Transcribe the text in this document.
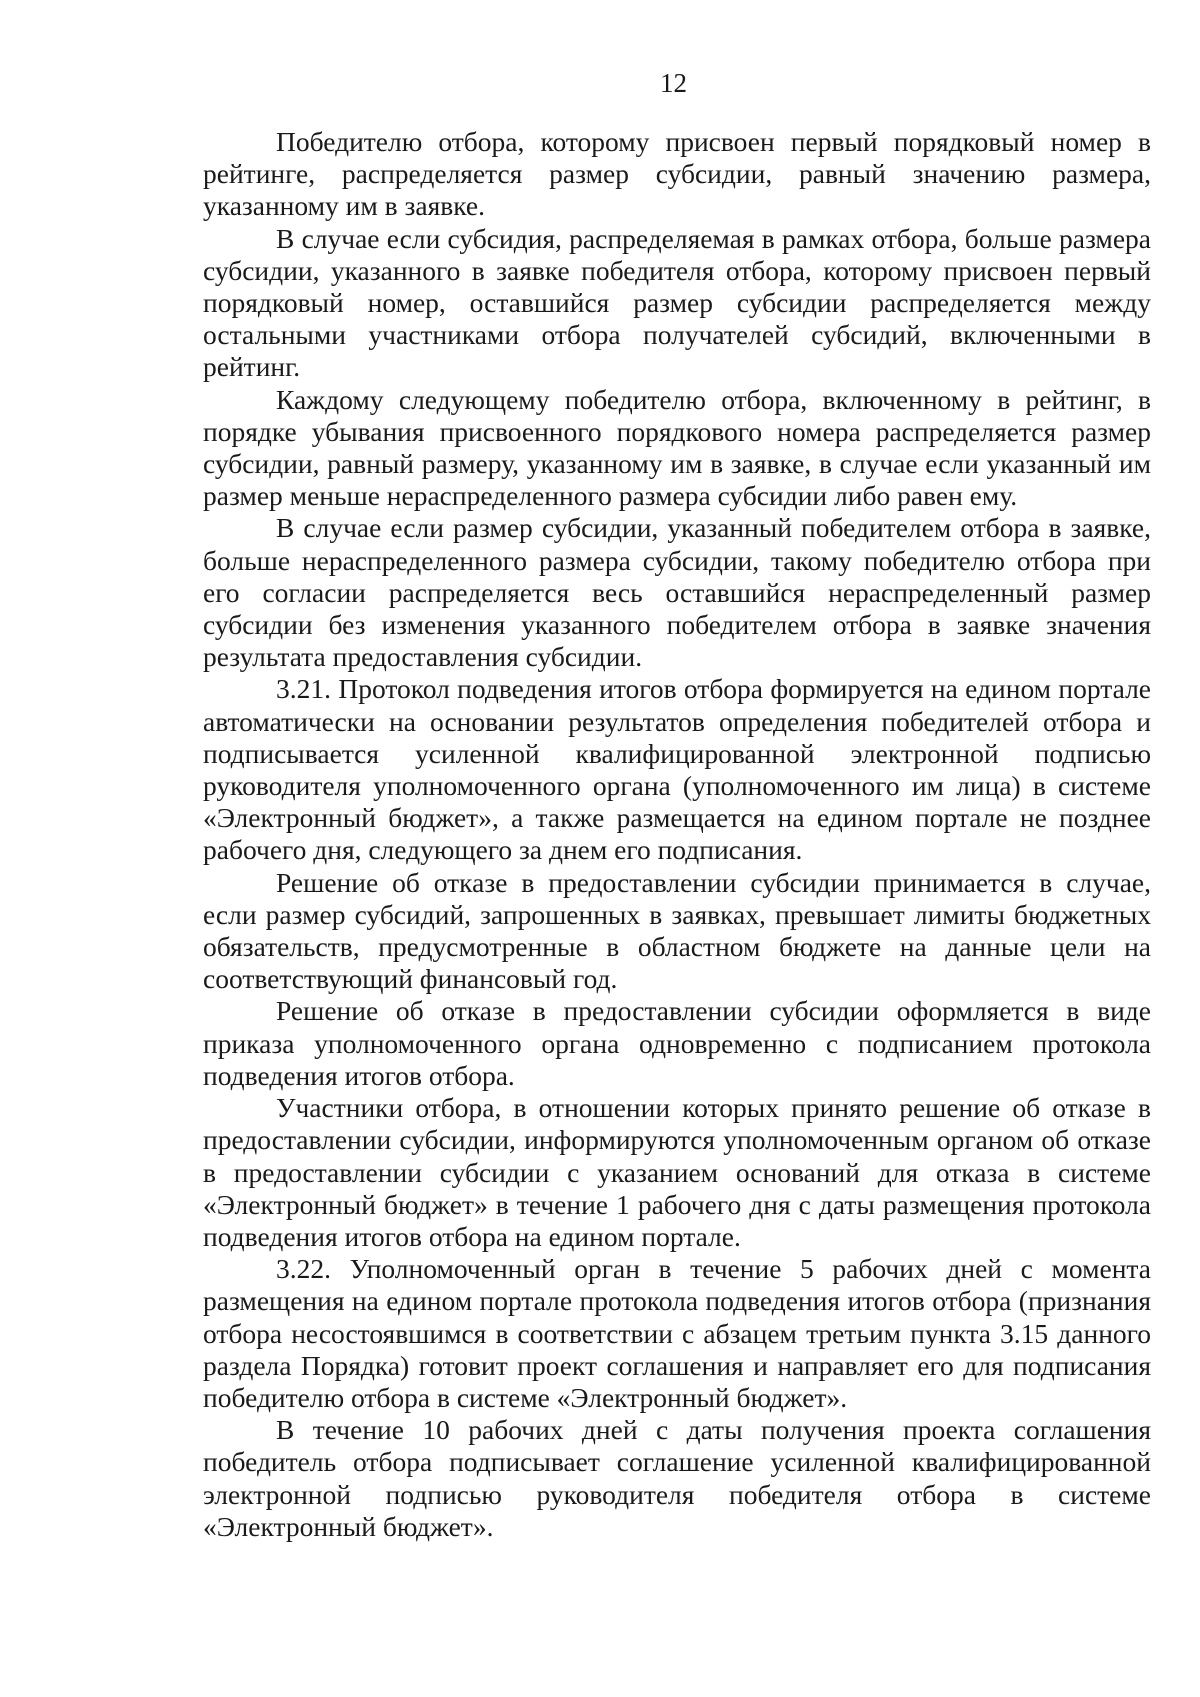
12

Победителю отбора, которому присвоен первый порядковый номер в рейтинге, распределяется размер субсидии, равный значению размера, указанному им в заявке.

В случае если субсидия, распределяемая в рамках отбора, больше размера субсидии, указанного в заявке победителя отбора, которому присвоен первый порядковый номер, оставшийся размер субсидии распределяется между остальными участниками отбора получателей субсидий, включенными в рейтинг.

Каждому следующему победителю отбора, включенному в рейтинг, в порядке убывания присвоенного порядкового номера распределяется размер субсидии, равный размеру, указанному им в заявке, в случае если указанный им размер меньше нераспределенного размера субсидии либо равен ему.

В случае если размер субсидии, указанный победителем отбора в заявке, больше нераспределенного размера субсидии, такому победителю отбора при его согласии распределяется весь оставшийся нераспределенный размер субсидии без изменения указанного победителем отбора в заявке значения результата предоставления субсидии.

3.21. Протокол подведения итогов отбора формируется на едином портале автоматически на основании результатов определения победителей отбора и подписывается усиленной квалифицированной электронной подписью руководителя уполномоченного органа (уполномоченного им лица) в системе «Электронный бюджет», а также размещается на едином портале не позднее рабочего дня, следующего за днем его подписания.

Решение об отказе в предоставлении субсидии принимается в случае, если размер субсидий, запрошенных в заявках, превышает лимиты бюджетных обязательств, предусмотренные в областном бюджете на данные цели на соответствующий финансовый год.

Решение об отказе в предоставлении субсидии оформляется в виде приказа уполномоченного органа одновременно с подписанием протокола подведения итогов отбора.

Участники отбора, в отношении которых принято решение об отказе в предоставлении субсидии, информируются уполномоченным органом об отказе в предоставлении субсидии с указанием оснований для отказа в системе «Электронный бюджет» в течение 1 рабочего дня с даты размещения протокола подведения итогов отбора на едином портале.

3.22. Уполномоченный орган в течение 5 рабочих дней с момента размещения на едином портале протокола подведения итогов отбора (признания отбора несостоявшимся в соответствии с абзацем третьим пункта 3.15 данного раздела Порядка) готовит проект соглашения и направляет его для подписания победителю отбора в системе «Электронный бюджет».

В течение 10 рабочих дней с даты получения проекта соглашения победитель отбора подписывает соглашение усиленной квалифицированной электронной подписью руководителя победителя отбора в системе «Электронный бюджет».
